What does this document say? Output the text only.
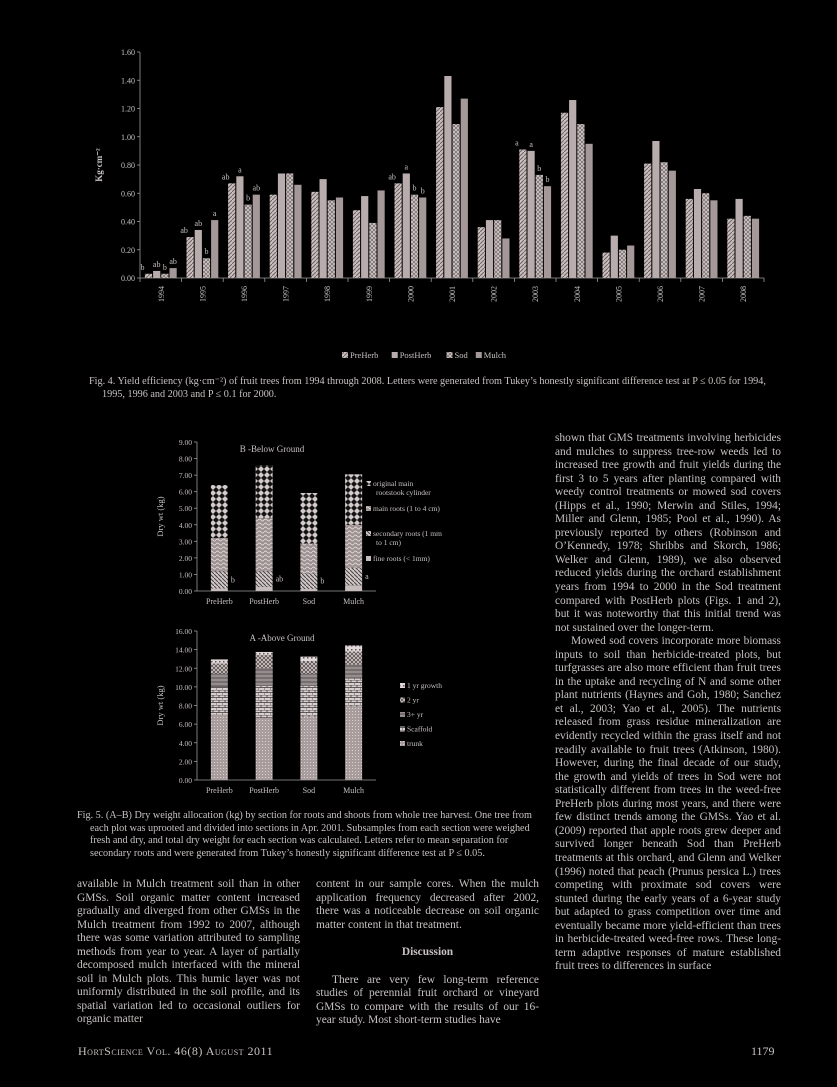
0.00
0.20
0.40
0.60
0.80
1.00
1.20
1.40
1.60
Kg·cm⁻²
1994	1995	1996	1997	1998	1999	2000	2001	2002	2003	2004	2005	2006	2007	2008
b ab b
ab
ab
ab
b
a
ab
a
b
ab
ab
a
b b
a a
b
b
PreHerb	PostHerb	Sod Mulch
Fig. 4. Yield efficiency (kg·cm⁻²) of fruit trees from 1994 through 2008. Letters were generated from Tukey’s honestly significant difference test at P ≤ 0.05 for 1994, 1995, 1996 and 2003 and P ≤ 0.1 for 2000.
0.00
1.00
2.00
3.00
4.00
5.00
6.00
7.00
8.00
9.00
Dry wt (kg)
B -Below Ground
PreHerb PostHerb	Sod	Mulch
b	ab	b	a
original main rootstook cylinder
main roots (1 to 4 cm)
secondary roots (1 mm to 1 cm)
fine roots (< 1mm)
0.00
2.00
4.00
6.00
8.00
10.00
12.00
14.00
16.00
Dry wt (kg)
A -Above Ground
PreHerb PostHerb	Sod	Mulch
1 yr growth
2 yr
3+ yr
Scaffold
trunk
Fig. 5. (A–B) Dry weight allocation (kg) by section for roots and shoots from whole tree harvest. One tree from each plot was uprooted and divided into sections in Apr. 2001. Subsamples from each section were weighed fresh and dry, and total dry weight for each section was calculated. Letters refer to mean separation for secondary roots and were generated from Tukey’s honestly significant difference test at P ≤ 0.05.

available in Mulch treatment soil than in other GMSs. Soil organic matter content increased gradually and diverged from other GMSs in the Mulch treatment from 1992 to 2007, although there was some variation attributed to sampling methods from year to year. A layer of partially decomposed mulch interfaced with the mineral soil in Mulch plots. This humic layer was not uniformly distributed in the soil profile, and its spatial variation led to occasional outliers for organic matter

content in our sample cores. When the mulch application frequency decreased after 2002, there was a noticeable decrease on soil organic matter content in that treatment.

Discussion

There are very few long-term reference studies of perennial fruit orchard or vineyard GMSs to compare with the results of our 16-year study. Most short-term studies have

shown that GMS treatments involving herbicides and mulches to suppress tree-row weeds led to increased tree growth and fruit yields during the first 3 to 5 years after planting compared with weedy control treatments or mowed sod covers (Hipps et al., 1990; Merwin and Stiles, 1994; Miller and Glenn, 1985; Pool et al., 1990). As previously reported by others (Robinson and O’Kennedy, 1978; Shribbs and Skorch, 1986; Welker and Glenn, 1989), we also observed reduced yields during the orchard establishment years from 1994 to 2000 in the Sod treatment compared with PostHerb plots (Figs. 1 and 2), but it was noteworthy that this initial trend was not sustained over the longer-term.

Mowed sod covers incorporate more biomass inputs to soil than herbicide-treated plots, but turfgrasses are also more efficient than fruit trees in the uptake and recycling of N and some other plant nutrients (Haynes and Goh, 1980; Sanchez et al., 2003; Yao et al., 2005). The nutrients released from grass residue mineralization are evidently recycled within the grass itself and not readily available to fruit trees (Atkinson, 1980). However, during the final decade of our study, the growth and yields of trees in Sod were not statistically different from trees in the weed-free PreHerb plots during most years, and there were few distinct trends among the GMSs. Yao et al. (2009) reported that apple roots grew deeper and survived longer beneath Sod than PreHerb treatments at this orchard, and Glenn and Welker (1996) noted that peach (Prunus persica L.) trees competing with proximate sod covers were stunted during the early years of a 6-year study but adapted to grass competition over time and eventually became more yield-efficient than trees in herbicide-treated weed-free rows. These long-term adaptive responses of mature established fruit trees to differences in surface

HortScience Vol. 46(8) August 2011	1179
